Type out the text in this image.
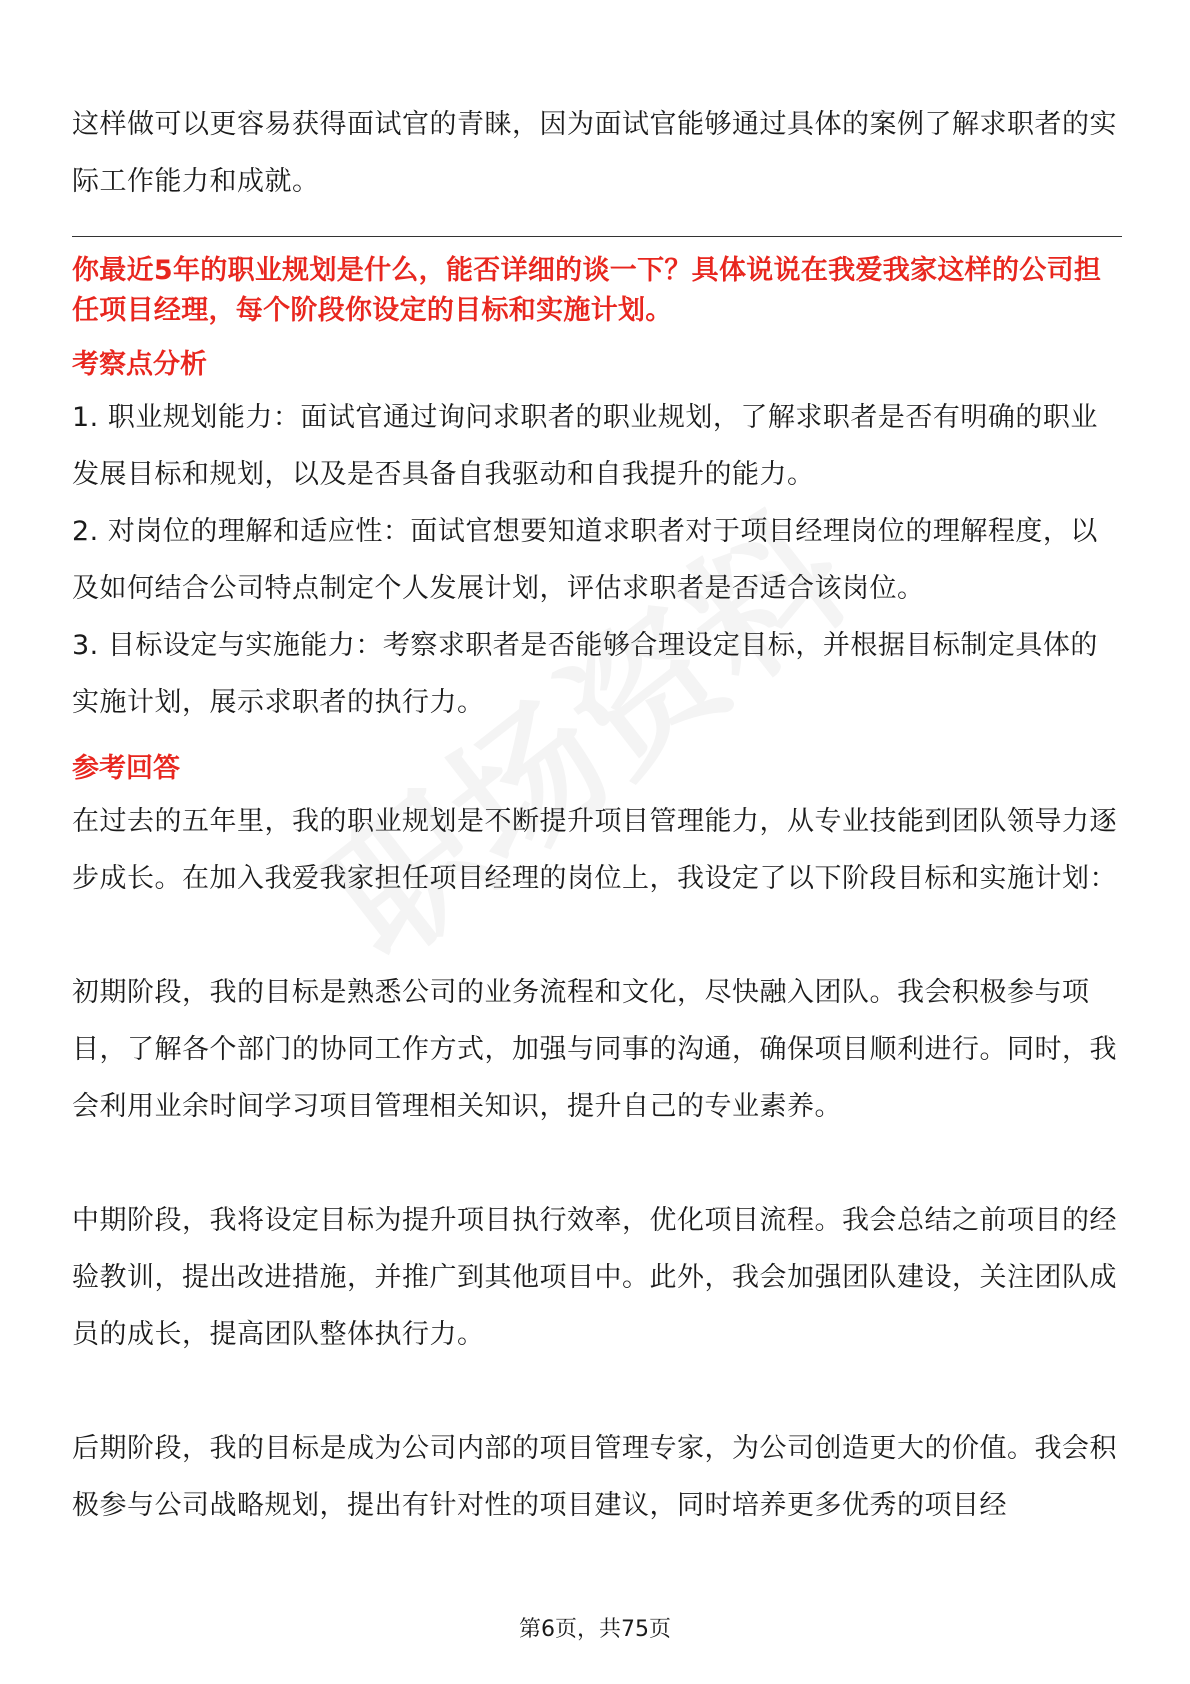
这样做可以更容易获得面试官的青睐，因为面试官能够通过具体的案例了解求职者的实际工作能力和成就。

你最近5年的职业规划是什么，能否详细的谈一下？具体说说在我爱我家这样的公司担任项目经理，每个阶段你设定的目标和实施计划。

考察点分析
1. 职业规划能力：面试官通过询问求职者的职业规划，了解求职者是否有明确的职业发展目标和规划，以及是否具备自我驱动和自我提升的能力。
2. 对岗位的理解和适应性：面试官想要知道求职者对于项目经理岗位的理解程度，以及如何结合公司特点制定个人发展计划，评估求职者是否适合该岗位。
3. 目标设定与实施能力：考察求职者是否能够合理设定目标，并根据目标制定具体的实施计划，展示求职者的执行力。
参考回答

在过去的五年里，我的职业规划是不断提升项目管理能力，从专业技能到团队领导力逐步成长。在加入我爱我家担任项目经理的岗位上，我设定了以下阶段目标和实施计划：

初期阶段，我的目标是熟悉公司的业务流程和文化，尽快融入团队。我会积极参与项目，了解各个部门的协同工作方式，加强与同事的沟通，确保项目顺利进行。同时，我会利用业余时间学习项目管理相关知识，提升自己的专业素养。

中期阶段，我将设定目标为提升项目执行效率，优化项目流程。我会总结之前项目的经验教训，提出改进措施，并推广到其他项目中。此外，我会加强团队建设，关注团队成员的成长，提高团队整体执行力。

后期阶段，我的目标是成为公司内部的项目管理专家，为公司创造更大的价值。我会积极参与公司战略规划，提出有针对性的项目建议，同时培养更多优秀的项目经

第6页，共75页
